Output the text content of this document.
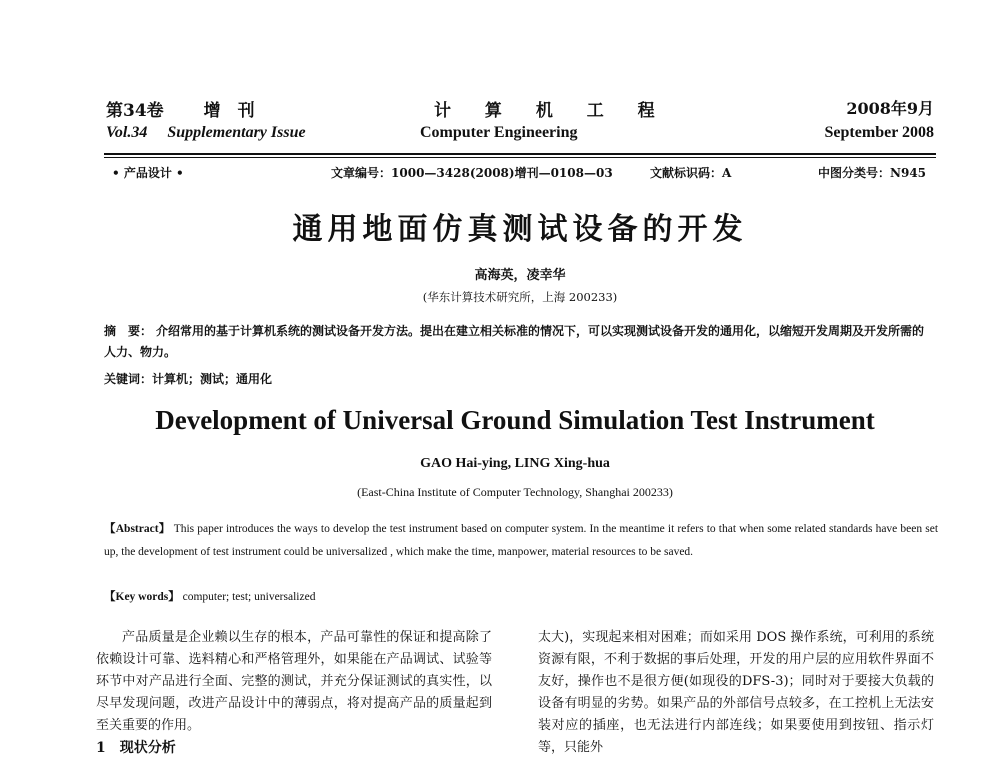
第34卷 增　刊
Vol.34 Supplementary Issue
计 算 机 工 程
Computer Engineering
2008年9月
September 2008
• 产品设计 •	文章编号：1000—3428(2008)增刊—0108—03	文献标识码：A	中图分类号：N945
通用地面仿真测试设备的开发
高海英，凌幸华
(华东计算技术研究所，上海 200233)
摘　要： 介绍常用的基于计算机系统的测试设备开发方法。提出在建立相关标准的情况下，可以实现测试设备开发的通用化，以缩短开发周期及开发所需的人力、物力。
关键词：计算机；测试；通用化
Development of Universal Ground Simulation Test Instrument
GAO Hai-ying, LING Xing-hua
(East-China Institute of Computer Technology, Shanghai 200233)
【Abstract】 This paper introduces the ways to develop the test instrument based on computer system. In the meantime it refers to that when some related standards have been set up, the development of test instrument could be universalized , which make the time, manpower, material resources to be saved.
【Key words】 computer; test; universalized

产品质量是企业赖以生存的根本，产品可靠性的保证和提高除了依赖设计可靠、选料精心和严格管理外，如果能在产品调试、试验等环节中对产品进行全面、完整的测试，并充分保证测试的真实性，以尽早发现问题，改进产品设计中的薄弱点，将对提高产品的质量起到至关重要的作用。

1　现状分析

太大)，实现起来相对困难；而如采用 DOS 操作系统，可利用的系统资源有限，不利于数据的事后处理，开发的用户层的应用软件界面不友好，操作也不是很方便(如现役的DFS-3)；同时对于要接大负载的设备有明显的劣势。如果产品的外部信号点较多，在工控机上无法安装对应的插座，也无法进行内部连线；如果要使用到按钮、指示灯等，只能外
